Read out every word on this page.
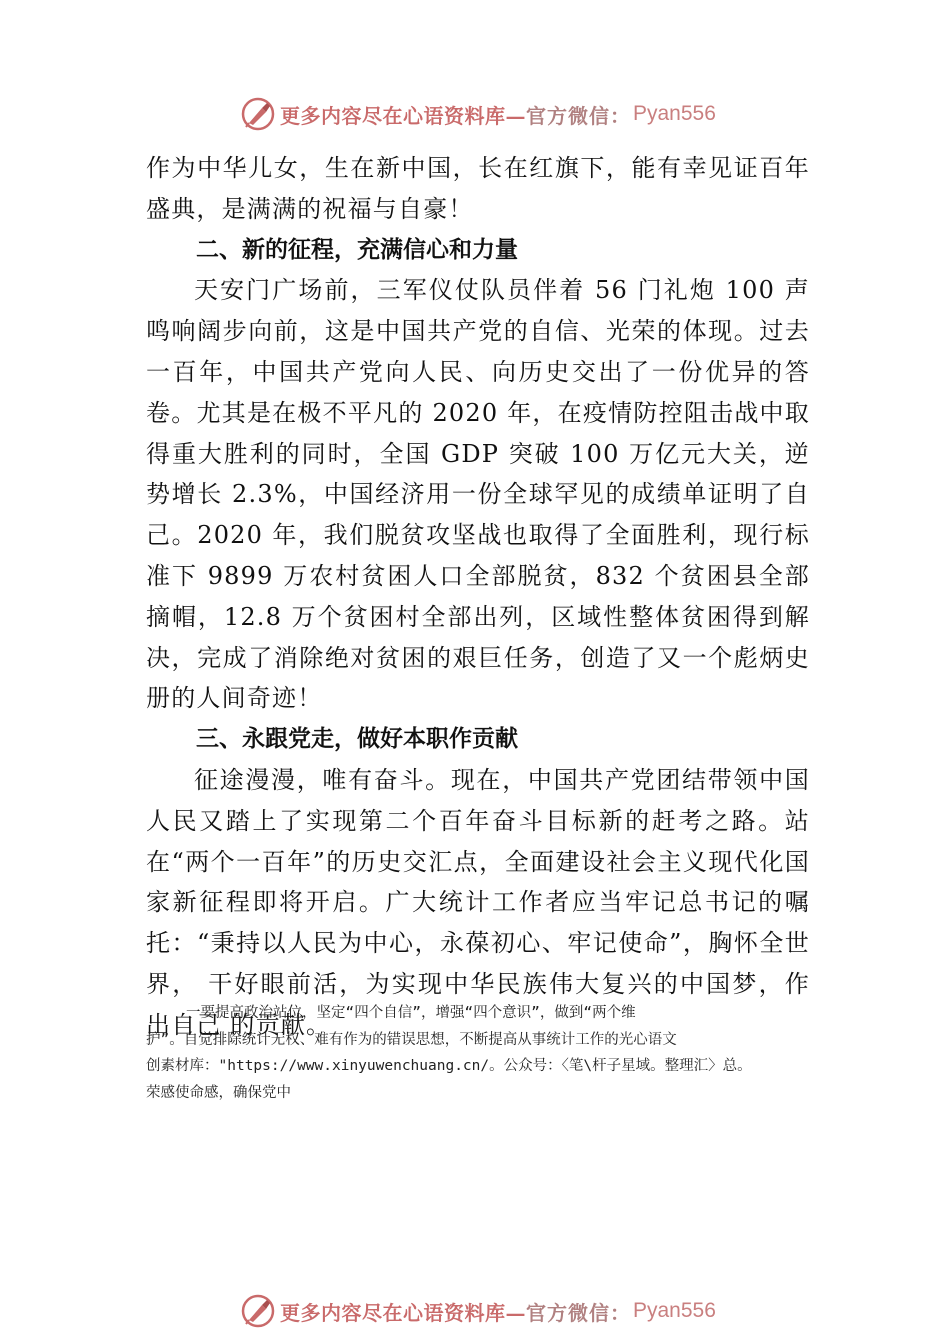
更多内容尽在心语资料库— 官方微信： Pyan556

作为中华儿女，生在新中国，长在红旗下，能有幸见证百年盛典，是满满的祝福与自豪！

二、新的征程，充满信心和力量

天安门广场前，三军仪仗队员伴着 56 门礼炮 100 声鸣响阔步向前，这是中国共产党的自信、光荣的体现。过去一百年，中国共产党向人民、向历史交出了一份优异的答卷。尤其是在极不平凡的 2020 年，在疫情防控阻击战中取得重大胜利的同时，全国 GDP 突破 100 万亿元大关，逆势增长 2.3%，中国经济用一份全球罕见的成绩单证明了自己。2020 年，我们脱贫攻坚战也取得了全面胜利，现行标准下 9899 万农村贫困人口全部脱贫，832 个贫困县全部摘帽，12.8 万个贫困村全部出列，区域性整体贫困得到解决，完成了消除绝对贫困的艰巨任务，创造了又一个彪炳史册的人间奇迹！

三、永跟党走，做好本职作贡献

征途漫漫，唯有奋斗。现在，中国共产党团结带领中国人民又踏上了实现第二个百年奋斗目标新的赶考之路。站在“两个一百年”的历史交汇点，全面建设社会主义现代化国家新征程即将开启。广大统计工作者应当牢记总书记的嘱托：“秉持以人民为中心，永葆初心、牢记使命”，胸怀全世界， 干好眼前活，为实现中华民族伟大复兴的中国梦，作出自己 的贡献。

一要提高政治站位，坚定“四个自信”，增强“四个意识”，做到“两个维
护”。自觉排除统计无权、难有作为的错误思想，不断提高从事统计工作的光心语文
创素材库："https://www.xinyuwenchuang.cn/。公众号：〈笔\杆子星域。整理汇〉总。
荣感使命感，确保党中
更多内容尽在心语资料库— 官方微信： Pyan556
